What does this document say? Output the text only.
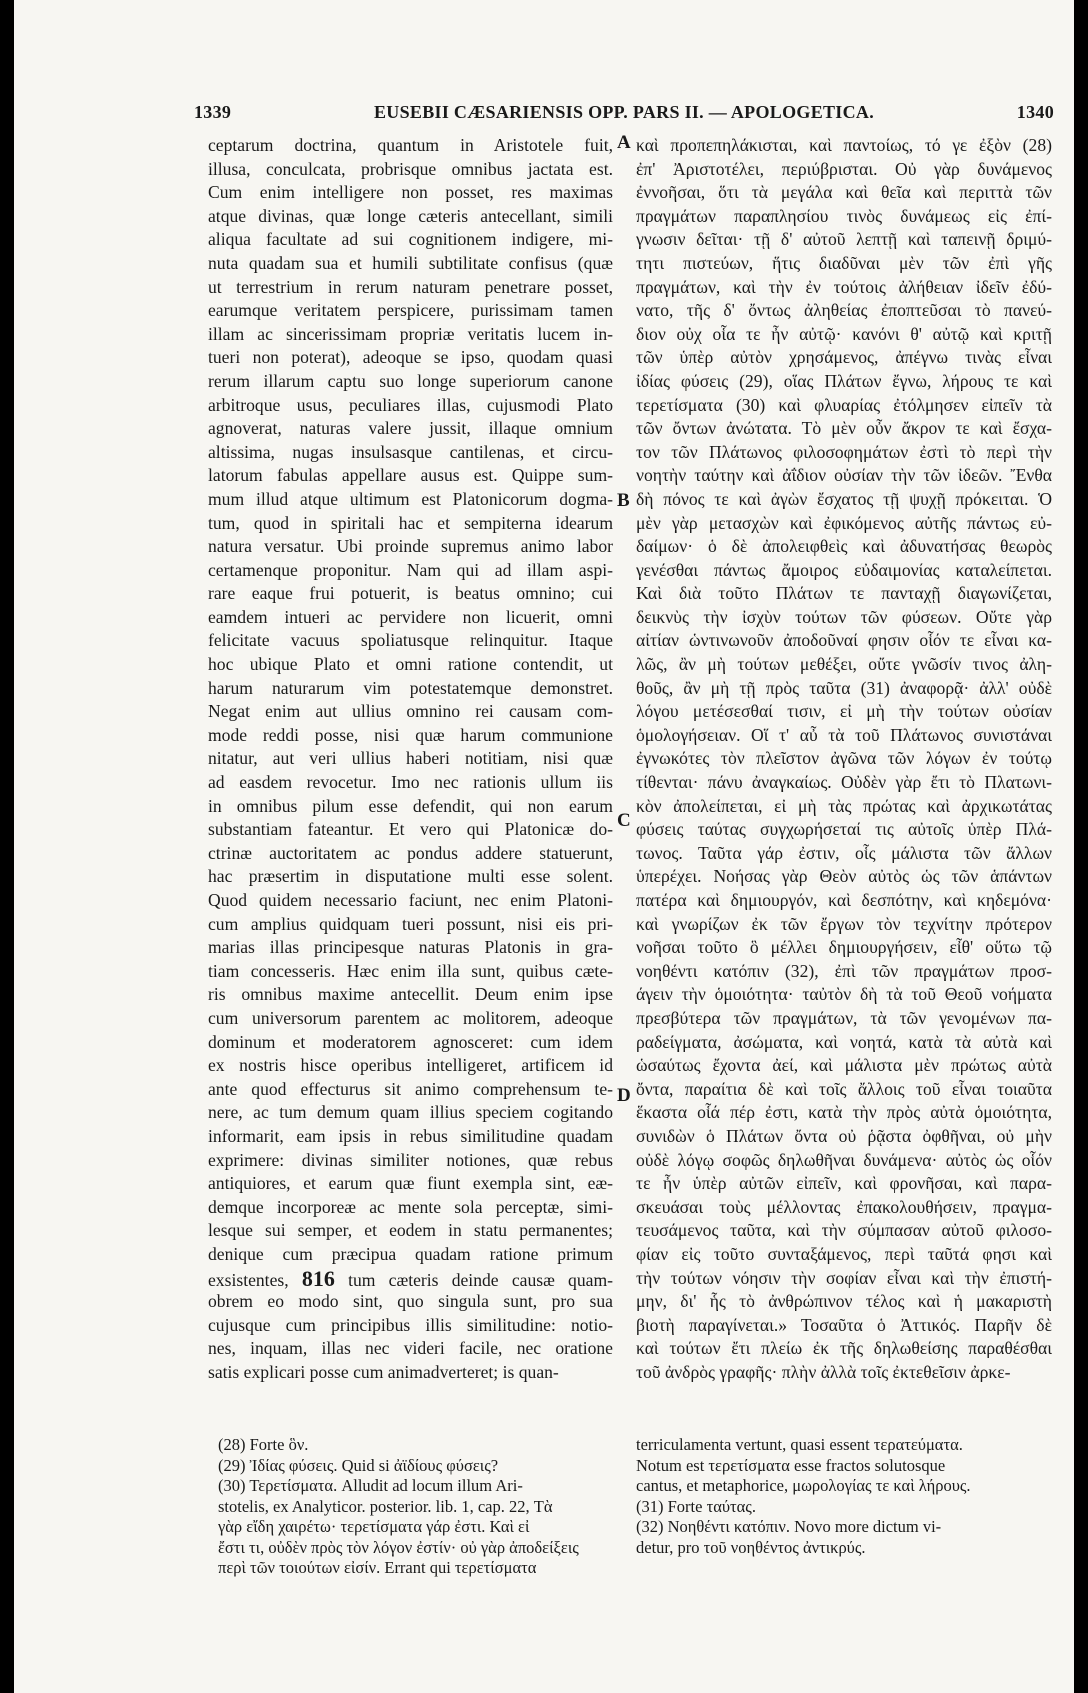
1339	EUSEBII CÆSARIENSIS OPP. PARS II. — APOLOGETICA.	1340
ceptarum doctrina, quantum in Aristotele fuit,
illusa, conculcata, probrisque omnibus jactata est.
Cum enim intelligere non posset, res maximas
atque divinas, quæ longe cæteris antecellant, simili
aliqua facultate ad sui cognitionem indigere, mi-
nuta quadam sua et humili subtilitate confisus (quæ
ut terrestrium in rerum naturam penetrare posset,
earumque veritatem perspicere, purissimam tamen
illam ac sincerissimam propriæ veritatis lucem in-
tueri non poterat), adeoque se ipso, quodam quasi
rerum illarum captu suo longe superiorum canone
arbitroque usus, peculiares illas, cujusmodi Plato
agnoverat, naturas valere jussit, illaque omnium
altissima, nugas insulsasque cantilenas, et circu-
latorum fabulas appellare ausus est. Quippe sum-
mum illud atque ultimum est Platonicorum dogma-
tum, quod in spiritali hac et sempiterna idearum
natura versatur. Ubi proinde supremus animo labor
certamenque proponitur. Nam qui ad illam aspi-
rare eaque frui potuerit, is beatus omnino; cui
eamdem intueri ac pervidere non licuerit, omni
felicitate vacuus spoliatusque relinquitur. Itaque
hoc ubique Plato et omni ratione contendit, ut
harum naturarum vim potestatemque demonstret.
Negat enim aut ullius omnino rei causam com-
mode reddi posse, nisi quæ harum communione
nitatur, aut veri ullius haberi notitiam, nisi quæ
ad easdem revocetur. Imo nec rationis ullum iis
in omnibus pilum esse defendit, qui non earum
substantiam fateantur. Et vero qui Platonicæ do-
ctrinæ auctoritatem ac pondus addere statuerunt,
hac præsertim in disputatione multi esse solent.
Quod quidem necessario faciunt, nec enim Platoni-
cum amplius quidquam tueri possunt, nisi eis pri-
marias illas principesque naturas Platonis in gra-
tiam concesseris. Hæc enim illa sunt, quibus cæte-
ris omnibus maxime antecellit. Deum enim ipse
cum universorum parentem ac molitorem, adeoque
dominum et moderatorem agnosceret: cum idem
ex nostris hisce operibus intelligeret, artificem id
ante quod effecturus sit animo comprehensum te-
nere, ac tum demum quam illius speciem cogitando
informarit, eam ipsis in rebus similitudine quadam
exprimere: divinas similiter notiones, quæ rebus
antiquiores, et earum quæ fiunt exempla sint, eæ-
demque incorporeæ ac mente sola perceptæ, simi-
lesque sui semper, et eodem in statu permanentes;
denique cum præcipua quadam ratione primum
exsistentes, 816 tum cæteris deinde causæ quam-
obrem eo modo sint, quo singula sunt, pro sua
cujusque cum principibus illis similitudine: notio-
nes, inquam, illas nec videri facile, nec oratione
satis explicari posse cum animadverteret; is quan-
καὶ προπεπηλάκισται, καὶ παντοίως, τό γε ἐξὸν (28)
ἐπ' Ἀριστοτέλει, περιύβρισται. Οὐ γὰρ δυνάμενος
ἐννοῆσαι, ὅτι τὰ μεγάλα καὶ θεῖα καὶ περιττὰ τῶν
πραγμάτων παραπλησίου τινὸς δυνάμεως εἰς ἐπί-
γνωσιν δεῖται· τῇ δ' αὐτοῦ λεπτῇ καὶ ταπεινῇ δριμύ-
τητι πιστεύων, ἥτις διαδῦναι μὲν τῶν ἐπὶ γῆς
πραγμάτων, καὶ τὴν ἐν τούτοις ἀλήθειαν ἰδεῖν ἐδύ-
νατο, τῆς δ' ὄντως ἀληθείας ἐποπτεῦσαι τὸ πανεύ-
διον οὐχ οἷα τε ἦν αὐτῷ· κανόνι θ' αὐτῷ καὶ κριτῇ
τῶν ὑπὲρ αὐτὸν χρησάμενος, ἀπέγνω τινὰς εἶναι
ἰδίας φύσεις (29), οἵας Πλάτων ἔγνω, λήρους τε καὶ
τερετίσματα (30) καὶ φλυαρίας ἐτόλμησεν εἰπεῖν τὰ
τῶν ὄντων ἀνώτατα. Τὸ μὲν οὖν ἄκρον τε καὶ ἔσχα-
τον τῶν Πλάτωνος φιλοσοφημάτων ἐστὶ τὸ περὶ τὴν
νοητὴν ταύτην καὶ ἀΐδιον οὐσίαν τὴν τῶν ἰδεῶν. Ἔνθα
δὴ πόνος τε καὶ ἀγὼν ἔσχατος τῇ ψυχῇ πρόκειται. Ὁ
μὲν γὰρ μετασχὼν καὶ ἐφικόμενος αὐτῆς πάντως εὐ-
δαίμων· ὁ δὲ ἀπολειφθεὶς καὶ ἀδυνατήσας θεωρὸς
γενέσθαι πάντως ἄμοιρος εὐδαιμονίας καταλείπεται.
Καὶ διὰ τοῦτο Πλάτων τε πανταχῇ διαγωνίζεται,
δεικνὺς τὴν ἰσχὺν τούτων τῶν φύσεων. Οὔτε γὰρ
αἰτίαν ὡντινωνοῦν ἀποδοῦναί φησιν οἷόν τε εἶναι κα-
λῶς, ἂν μὴ τούτων μεθέξει, οὔτε γνῶσίν τινος ἀλη-
θοῦς, ἂν μὴ τῇ πρὸς ταῦτα (31) ἀναφορᾷ· ἀλλ' οὐδὲ
λόγου μετέσεσθαί τισιν, εἰ μὴ τὴν τούτων οὐσίαν
ὁμολογήσειαν. Οἵ τ' αὖ τὰ τοῦ Πλάτωνος συνιστάναι
ἐγνωκότες τὸν πλεῖστον ἀγῶνα τῶν λόγων ἐν τούτῳ
τίθενται· πάνυ ἀναγκαίως. Οὐδὲν γὰρ ἔτι τὸ Πλατωνι-
κὸν ἀπολείπεται, εἰ μὴ τὰς πρώτας καὶ ἀρχικωτάτας
φύσεις ταύτας συγχωρήσεταί τις αὐτοῖς ὑπὲρ Πλά-
τωνος. Ταῦτα γάρ ἐστιν, οἷς μάλιστα τῶν ἄλλων
ὑπερέχει. Νοήσας γὰρ Θεὸν αὐτὸς ὡς τῶν ἁπάντων
πατέρα καὶ δημιουργόν, καὶ δεσπότην, καὶ κηδεμόνα·
καὶ γνωρίζων ἐκ τῶν ἔργων τὸν τεχνίτην πρότερον
νοῆσαι τοῦτο ὃ μέλλει δημιουργήσειν, εἶθ' οὕτω τῷ
νοηθέντι κατόπιν (32), ἐπὶ τῶν πραγμάτων προσ-
άγειν τὴν ὁμοιότητα· ταὐτὸν δὴ τὰ τοῦ Θεοῦ νοήματα
πρεσβύτερα τῶν πραγμάτων, τὰ τῶν γενομένων πα-
ραδείγματα, ἀσώματα, καὶ νοητά, κατὰ τὰ αὐτὰ καὶ
ὡσαύτως ἔχοντα ἀεί, καὶ μάλιστα μὲν πρώτως αὐτὰ
ὄντα, παραίτια δὲ καὶ τοῖς ἄλλοις τοῦ εἶναι τοιαῦτα
ἕκαστα οἷά πέρ ἐστι, κατὰ τὴν πρὸς αὐτὰ ὁμοιότητα,
συνιδὼν ὁ Πλάτων ὄντα οὐ ῥᾷστα ὀφθῆναι, οὐ μὴν
οὐδὲ λόγῳ σοφῶς δηλωθῆναι δυνάμενα· αὐτὸς ὡς οἷόν
τε ἦν ὑπὲρ αὐτῶν εἰπεῖν, καὶ φρονῆσαι, καὶ παρα-
σκευάσαι τοὺς μέλλοντας ἐπακολουθήσειν, πραγμα-
τευσάμενος ταῦτα, καὶ τὴν σύμπασαν αὐτοῦ φιλοσο-
φίαν εἰς τοῦτο συνταξάμενος, περὶ ταῦτά φησι καὶ
τὴν τούτων νόησιν τὴν σοφίαν εἶναι καὶ τὴν ἐπιστή-
μην, δι' ἧς τὸ ἀνθρώπινον τέλος καὶ ἡ μακαριστὴ
βιοτὴ παραγίνεται.» Τοσαῦτα ὁ Ἀττικός. Παρῆν δὲ
καὶ τούτων ἔτι πλείω ἐκ τῆς δηλωθείσης παραθέσθαι
τοῦ ἀνδρὸς γραφῆς· πλὴν ἀλλὰ τοῖς ἐκτεθεῖσιν ἀρκε-
A
B
C
D
(28) Forte ὃν.
(29) Ἰδίας φύσεις. Quid si ἀϊδίους φύσεις?
(30) Τερετίσματα. Alludit ad locum illum Ari-
stotelis, ex Analyticor. posterior. lib. 1, cap. 22, Τὰ
γὰρ εἴδη χαιρέτω· τερετίσματα γάρ ἐστι. Καὶ εἰ
ἔστι τι, οὐδὲν πρὸς τὸν λόγον ἐστίν· οὐ γὰρ ἀποδείξεις
περὶ τῶν τοιούτων εἰσίν. Errant qui τερετίσματα
terriculamenta vertunt, quasi essent τερατεύματα.
Notum est τερετίσματα esse fractos solutosque
cantus, et metaphorice, μωρολογίας τε καὶ λήρους.
(31) Forte ταύτας.
(32) Νοηθέντι κατόπιν. Novo more dictum vi-
detur, pro τοῦ νοηθέντος ἀντικρύς.
